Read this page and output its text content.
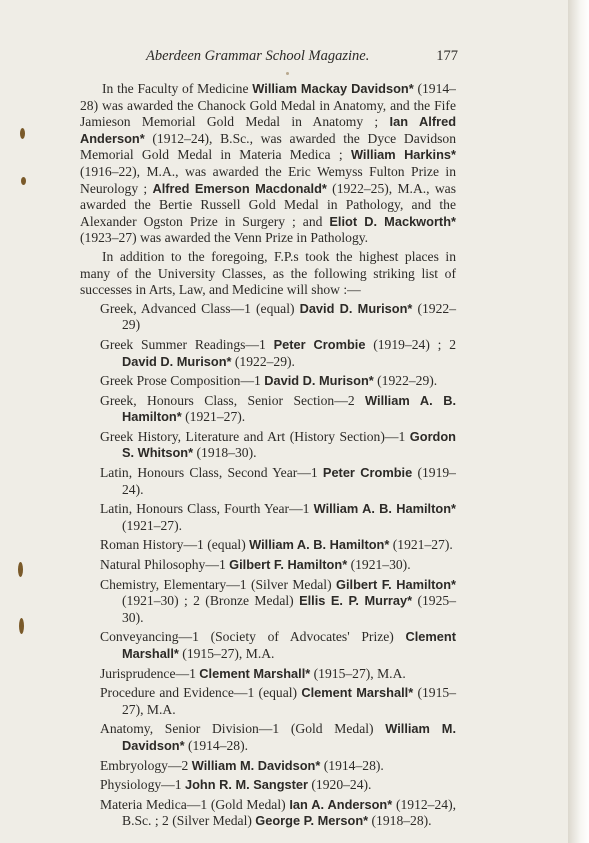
Aberdeen Grammar School Magazine.	177

In the Faculty of Medicine William Mackay Davidson* (1914–28) was awarded the Chanock Gold Medal in Anatomy, and the Fife Jamieson Memorial Gold Medal in Anatomy ; Ian Alfred Anderson* (1912–24), B.Sc., was awarded the Dyce Davidson Memorial Gold Medal in Materia Medica ; William Harkins* (1916–22), M.A., was awarded the Eric Wemyss Fulton Prize in Neurology ; Alfred Emerson Macdonald* (1922–25), M.A., was awarded the Bertie Russell Gold Medal in Pathology, and the Alexander Ogston Prize in Surgery ; and Eliot D. Mackworth* (1923–27) was awarded the Venn Prize in Pathology.

In addition to the foregoing, F.P.s took the highest places in many of the University Classes, as the following striking list of successes in Arts, Law, and Medicine will show :—

Greek, Advanced Class—1 (equal) David D. Murison* (1922–29)
Greek Summer Readings—1 Peter Crombie (1919–24) ; 2 David D. Murison* (1922–29).
Greek Prose Composition—1 David D. Murison* (1922–29).
Greek, Honours Class, Senior Section—2 William A. B. Hamilton* (1921–27).
Greek History, Literature and Art (History Section)—1 Gordon S. Whitson* (1918–30).
Latin, Honours Class, Second Year—1 Peter Crombie (1919–24).
Latin, Honours Class, Fourth Year—1 William A. B. Hamilton* (1921–27).
Roman History—1 (equal) William A. B. Hamilton* (1921–27).
Natural Philosophy—1 Gilbert F. Hamilton* (1921–30).
Chemistry, Elementary—1 (Silver Medal) Gilbert F. Hamilton* (1921–30) ; 2 (Bronze Medal) Ellis E. P. Murray* (1925–30).
Conveyancing—1 (Society of Advocates' Prize) Clement Marshall* (1915–27), M.A.
Jurisprudence—1 Clement Marshall* (1915–27), M.A.
Procedure and Evidence—1 (equal) Clement Marshall* (1915–27), M.A.
Anatomy, Senior Division—1 (Gold Medal) William M. Davidson* (1914–28).
Embryology—2 William M. Davidson* (1914–28).
Physiology—1 John R. M. Sangster (1920–24).
Materia Medica—1 (Gold Medal) Ian A. Anderson* (1912–24), B.Sc. ; 2 (Silver Medal) George P. Merson* (1918–28).
